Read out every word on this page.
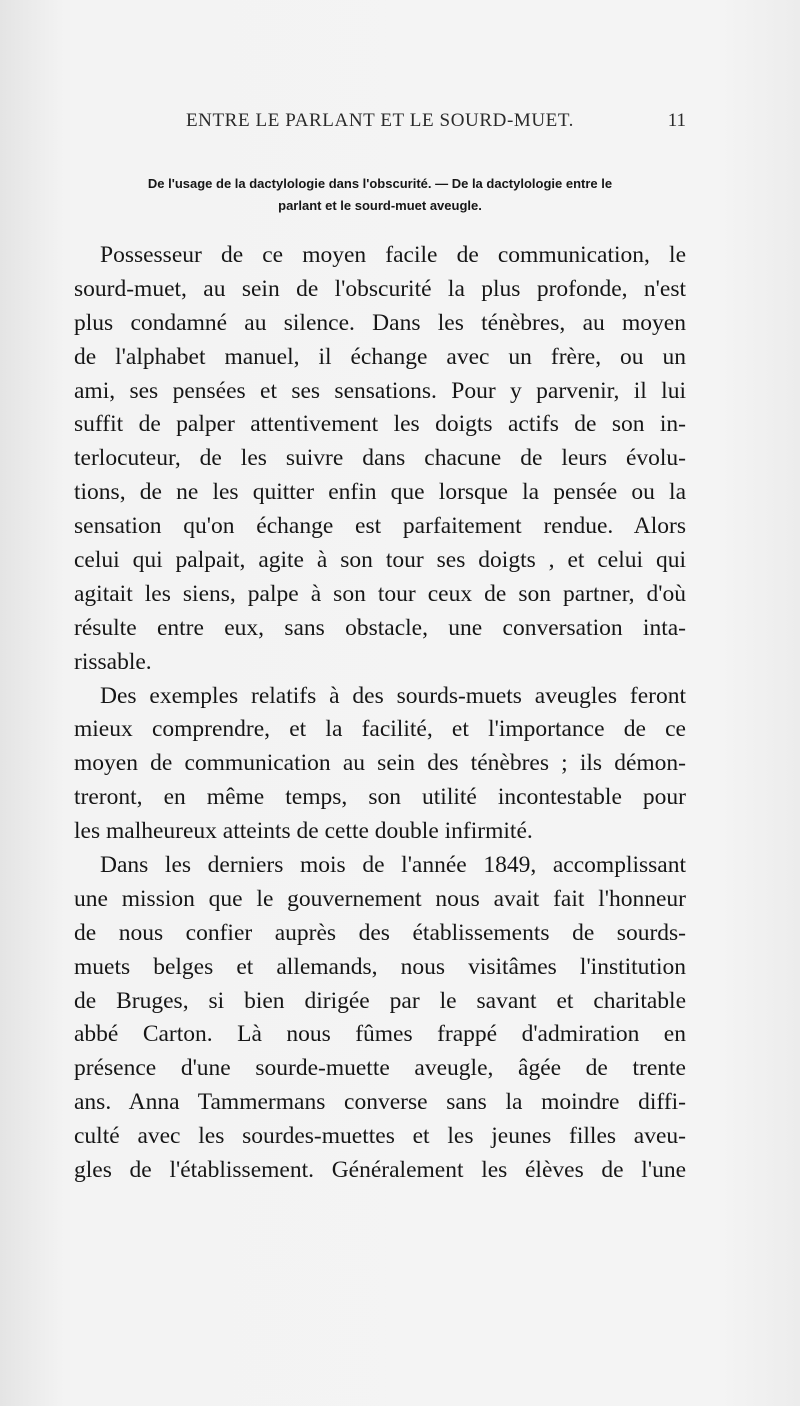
ENTRE LE PARLANT ET LE SOURD-MUET.	11
De l'usage de la dactylologie dans l'obscurité. — De la dactylologie entre le
parlant et le sourd-muet aveugle.
Possesseur de ce moyen facile de communication, le
sourd-muet, au sein de l'obscurité la plus profonde, n'est
plus condamné au silence. Dans les ténèbres, au moyen
de l'alphabet manuel, il échange avec un frère, ou un
ami, ses pensées et ses sensations. Pour y parvenir, il lui
suffit de palper attentivement les doigts actifs de son in-
terlocuteur, de les suivre dans chacune de leurs évolu-
tions, de ne les quitter enfin que lorsque la pensée ou la
sensation qu'on échange est parfaitement rendue. Alors
celui qui palpait, agite à son tour ses doigts , et celui qui
agitait les siens, palpe à son tour ceux de son partner, d'où
résulte entre eux, sans obstacle, une conversation inta-
rissable.
Des exemples relatifs à des sourds-muets aveugles feront
mieux comprendre, et la facilité, et l'importance de ce
moyen de communication au sein des ténèbres ; ils démon-
treront, en même temps, son utilité incontestable pour
les malheureux atteints de cette double infirmité.
Dans les derniers mois de l'année 1849, accomplissant
une mission que le gouvernement nous avait fait l'honneur
de nous confier auprès des établissements de sourds-
muets belges et allemands, nous visitâmes l'institution
de Bruges, si bien dirigée par le savant et charitable
abbé Carton. Là nous fûmes frappé d'admiration en
présence d'une sourde-muette aveugle, âgée de trente
ans. Anna Tammermans converse sans la moindre diffi-
culté avec les sourdes-muettes et les jeunes filles aveu-
gles de l'établissement. Généralement les élèves de l'une
